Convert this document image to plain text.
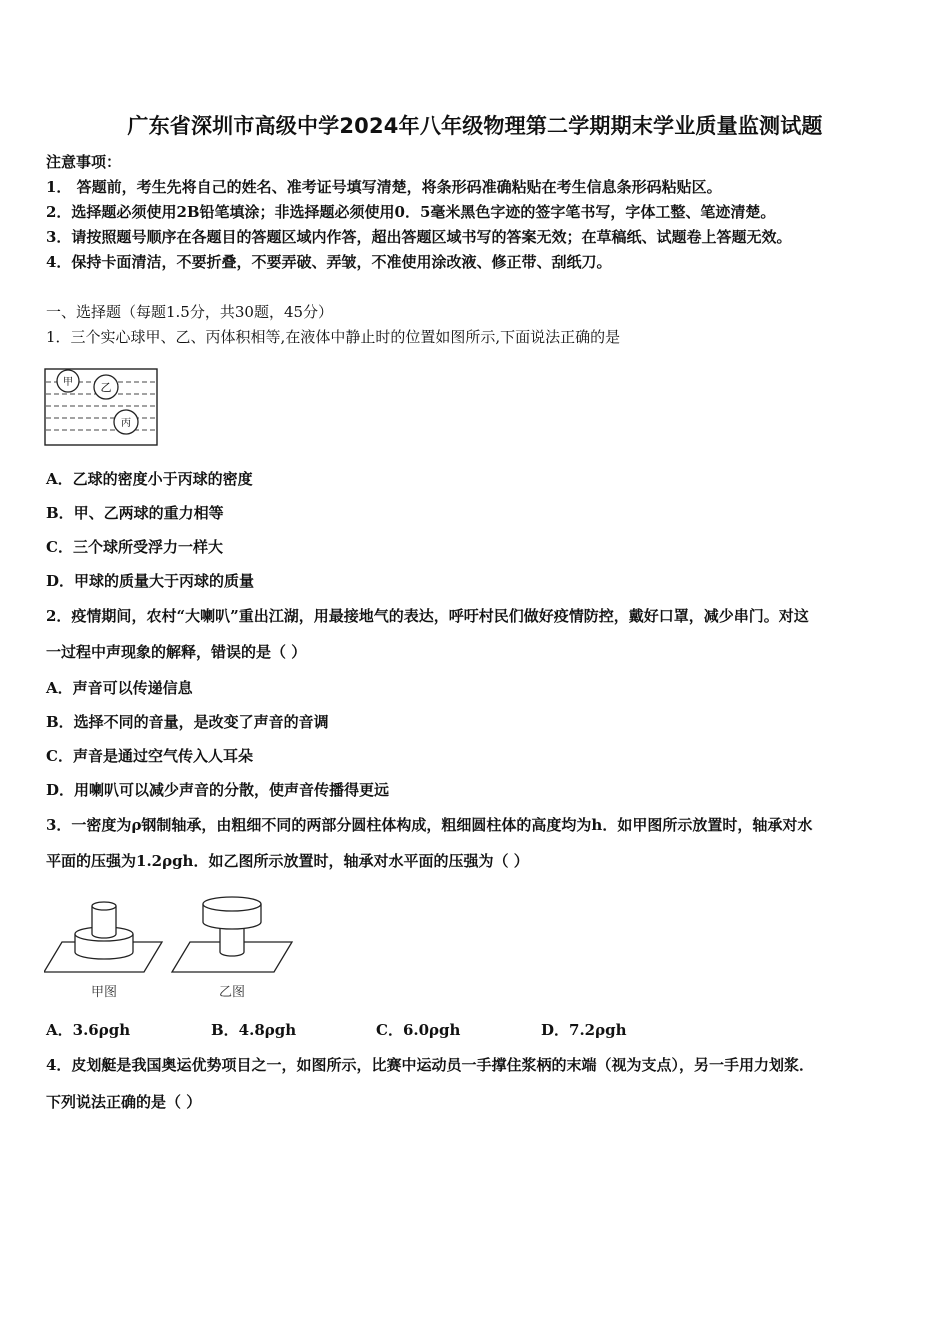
广东省深圳市高级中学2024年八年级物理第二学期期末学业质量监测试题
注意事项：
1． 答题前，考生先将自己的姓名、准考证号填写清楚，将条形码准确粘贴在考生信息条形码粘贴区。
2．选择题必须使用2B铅笔填涂；非选择题必须使用0．5毫米黑色字迹的签字笔书写，字体工整、笔迹清楚。
3．请按照题号顺序在各题目的答题区域内作答，超出答题区域书写的答案无效；在草稿纸、试题卷上答题无效。
4．保持卡面清洁，不要折叠，不要弄破、弄皱，不准使用涂改液、修正带、刮纸刀。
一、选择题（每题1.5分，共30题，45分）
1．三个实心球甲、乙、丙体积相等,在液体中静止时的位置如图所示,下面说法正确的是
甲	乙
丙
A．乙球的密度小于丙球的密度
B．甲、乙两球的重力相等
C．三个球所受浮力一样大
D．甲球的质量大于丙球的质量
2．疫情期间，农村“大喇叭”重出江湖，用最接地气的表达，呼吁村民们做好疫情防控，戴好口罩，减少串门。对这
一过程中声现象的解释，错误的是（ ）
A．声音可以传递信息
B．选择不同的音量，是改变了声音的音调
C．声音是通过空气传入人耳朵
D．用喇叭可以减少声音的分散，使声音传播得更远
3．一密度为ρ钢制轴承，由粗细不同的两部分圆柱体构成，粗细圆柱体的高度均为h．如甲图所示放置时，轴承对水
平面的压强为1.2ρgh．如乙图所示放置时，轴承对水平面的压强为（ ）
甲图	乙图
A．3.6ρgh	B．4.8ρgh	C．6.0ρgh	D．7.2ρgh
4．皮划艇是我国奥运优势项目之一，如图所示，比赛中运动员一手撑住浆柄的末端（视为支点），另一手用力划浆．
下列说法正确的是（ ）
